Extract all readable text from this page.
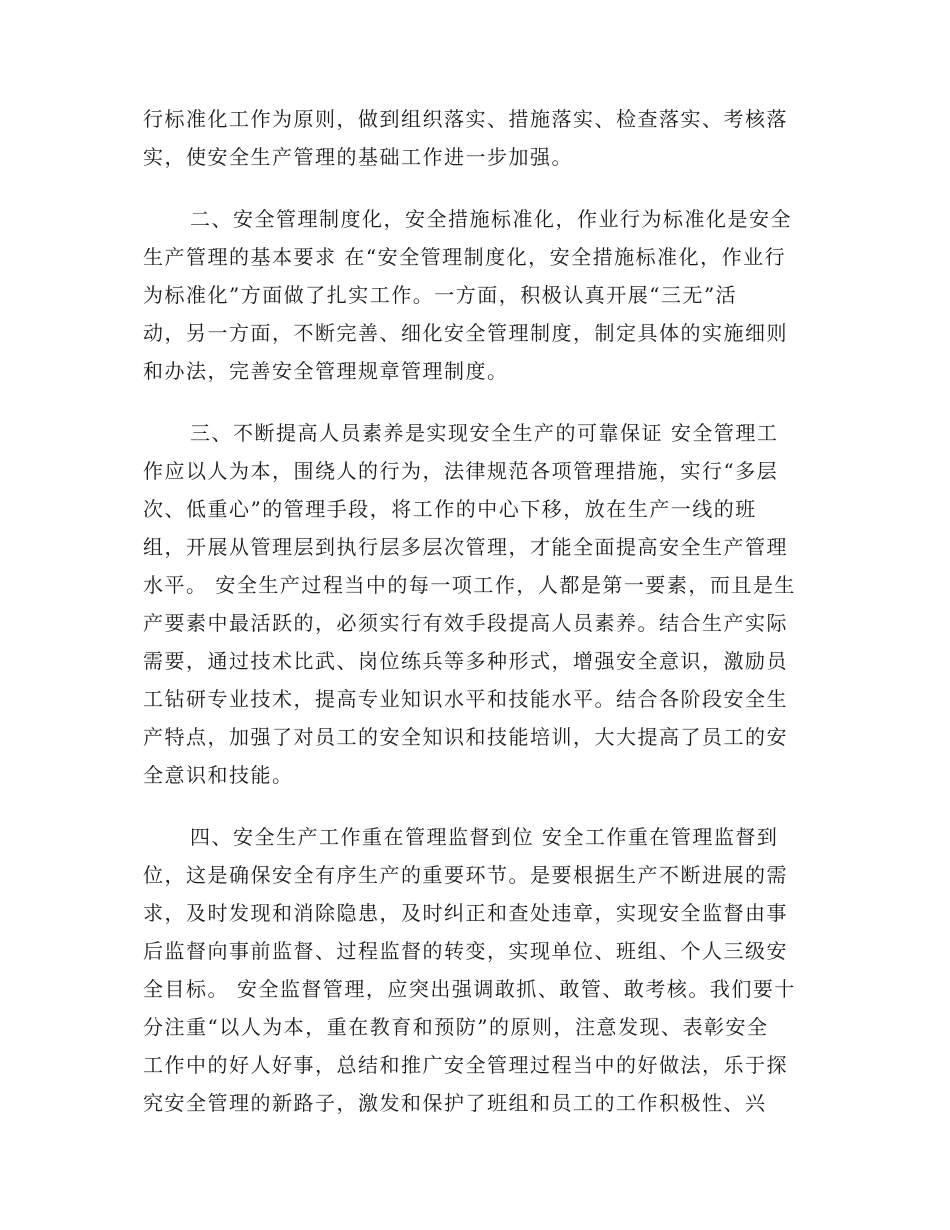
行标准化工作为原则，做到组织落实、措施落实、检查落实、考核落
实，使安全生产管理的基础工作进一步加强。
二、安全管理制度化，安全措施标准化，作业行为标准化是安全
生产管理的基本要求 在“安全管理制度化，安全措施标准化，作业行
为标准化”方面做了扎实工作。一方面，积极认真开展“三无”活
动，另一方面，不断完善、细化安全管理制度，制定具体的实施细则
和办法，完善安全管理规章管理制度。
三、不断提高人员素养是实现安全生产的可靠保证 安全管理工
作应以人为本，围绕人的行为，法律规范各项管理措施，实行“多层
次、低重心”的管理手段，将工作的中心下移，放在生产一线的班
组，开展从管理层到执行层多层次管理，才能全面提高安全生产管理
水平。 安全生产过程当中的每一项工作，人都是第一要素，而且是生
产要素中最活跃的，必须实行有效手段提高人员素养。结合生产实际
需要，通过技术比武、岗位练兵等多种形式，增强安全意识，激励员
工钻研专业技术，提高专业知识水平和技能水平。结合各阶段安全生
产特点，加强了对员工的安全知识和技能培训，大大提高了员工的安
全意识和技能。
四、安全生产工作重在管理监督到位 安全工作重在管理监督到
位，这是确保安全有序生产的重要环节。是要根据生产不断进展的需
求，及时发现和消除隐患，及时纠正和查处违章，实现安全监督由事
后监督向事前监督、过程监督的转变，实现单位、班组、个人三级安
全目标。 安全监督管理，应突出强调敢抓、敢管、敢考核。我们要十
分注重“以人为本，重在教育和预防”的原则，注意发现、表彰安全
工作中的好人好事，总结和推广安全管理过程当中的好做法，乐于探
究安全管理的新路子，激发和保护了班组和员工的工作积极性、兴
